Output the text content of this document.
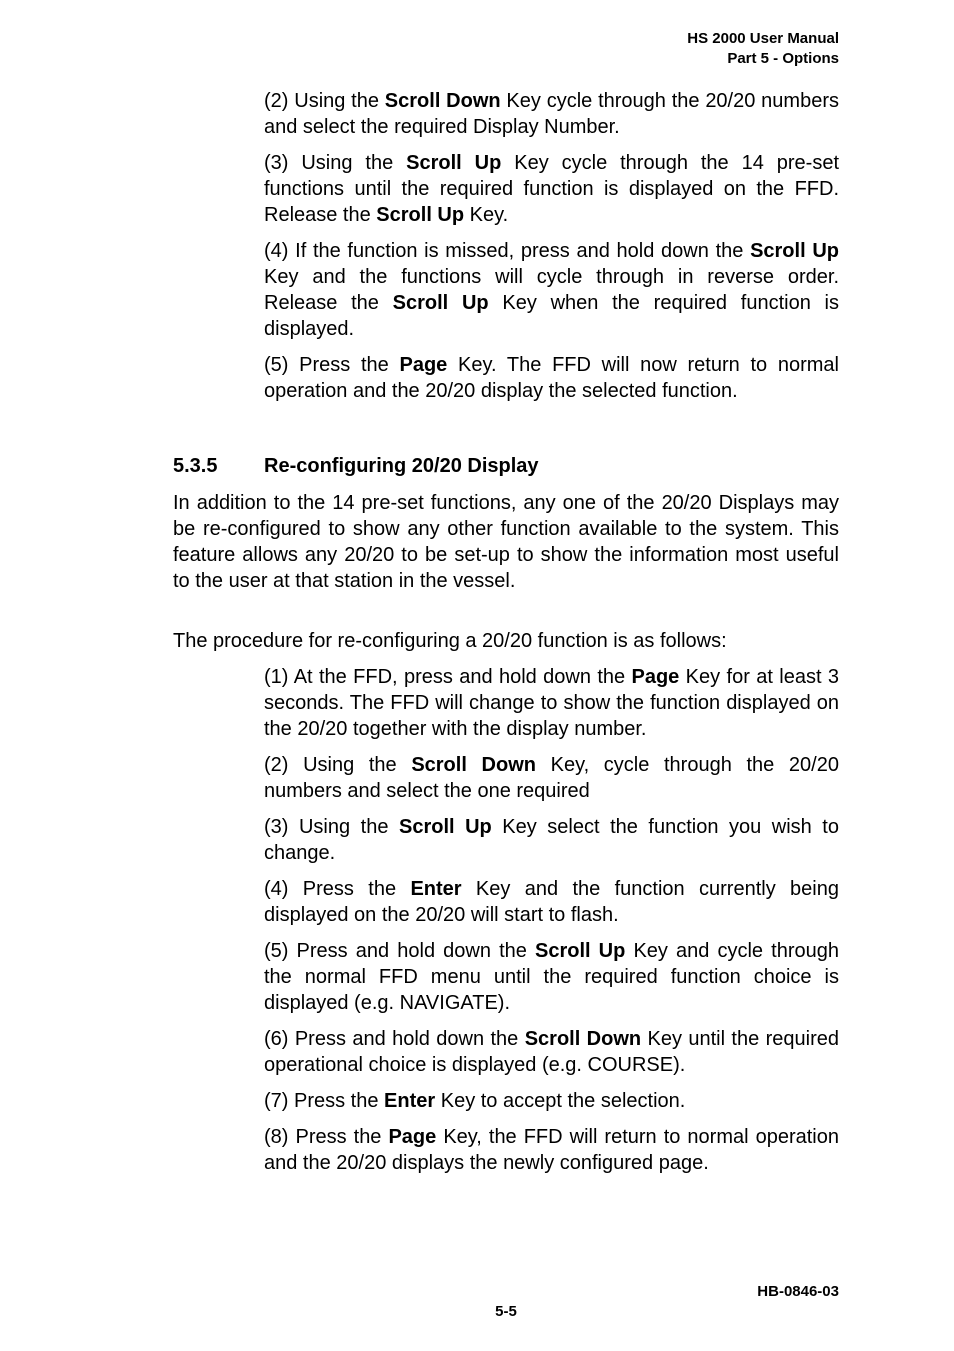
HS 2000 User Manual
Part 5 - Options

(2) Using the Scroll Down Key cycle through the 20/20 numbers and select the required Display Number.

(3) Using the Scroll Up Key cycle through the 14 pre-set functions until the required function is displayed on the FFD. Release the Scroll Up Key.

(4) If the function is missed, press and hold down the Scroll Up Key and the functions will cycle through in reverse order. Release the Scroll Up Key when the required function is displayed.

(5) Press the Page Key. The FFD will now return to normal operation and the 20/20 display the selected function.

5.3.5 Re-configuring 20/20 Display

In addition to the 14 pre-set functions, any one of the 20/20 Displays may be re-configured to show any other function available to the system. This feature allows any 20/20 to be set-up to show the information most useful to the user at that station in the vessel.

The procedure for re-configuring a 20/20 function is as follows:

(1) At the FFD, press and hold down the Page Key for at least 3 seconds. The FFD will change to show the function displayed on the 20/20 together with the display number.

(2) Using the Scroll Down Key, cycle through the 20/20 numbers and select the one required

(3) Using the Scroll Up Key select the function you wish to change.

(4) Press the Enter Key and the function currently being displayed on the 20/20 will start to flash.

(5) Press and hold down the Scroll Up Key and cycle through the normal FFD menu until the required function choice is displayed (e.g. NAVIGATE).

(6) Press and hold down the Scroll Down Key until the required operational choice is displayed (e.g. COURSE).

(7) Press the Enter Key to accept the selection.

(8) Press the Page Key, the FFD will return to normal operation and the 20/20 displays the newly configured page.

HB-0846-03
5-5
